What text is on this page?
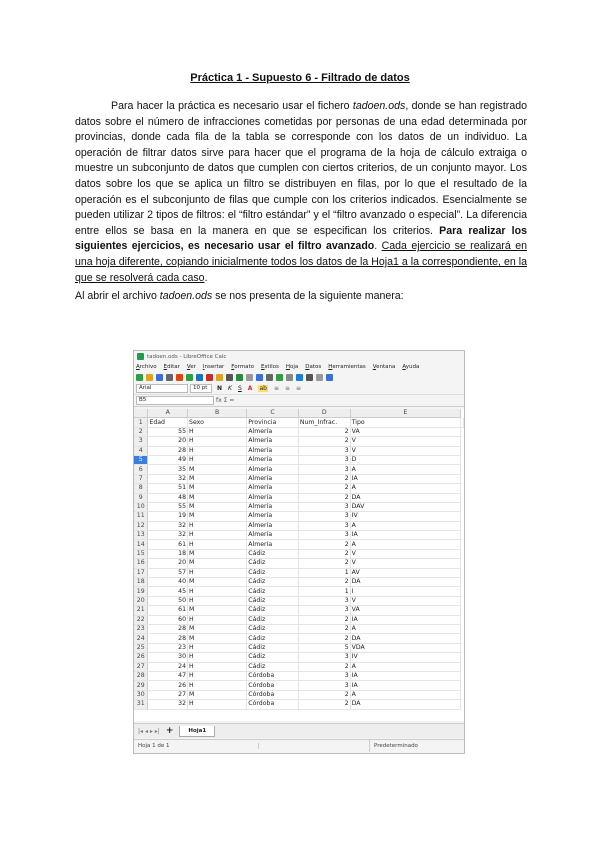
Práctica 1 - Supuesto 6 - Filtrado de datos
Para hacer la práctica es necesario usar el fichero tadoen.ods, donde se han registrado datos sobre el número de infracciones cometidas por personas de una edad determinada por provincias, donde cada fila de la tabla se corresponde con los datos de un individuo. La operación de filtrar datos sirve para hacer que el programa de la hoja de cálculo extraiga o muestre un subconjunto de datos que cumplen con ciertos criterios, de un conjunto mayor. Los datos sobre los que se aplica un filtro se distribuyen en filas, por lo que el resultado de la operación es el subconjunto de filas que cumple con los criterios indicados. Esencialmente se pueden utilizar 2 tipos de filtros: el “filtro estándar” y el “filtro avanzado o especial”. La diferencia entre ellos se basa en la manera en que se especifican los criterios. Para realizar los siguientes ejercicios, es necesario usar el filtro avanzado. Cada ejercicio se realizará en una hoja diferente, copiando inicialmente todos los datos de la Hoja1 a la correspondiente, en la que se resolverá cada caso.
Al abrir el archivo tadoen.ods se nos presenta de la siguiente manera:
tadoen.ods - LibreOffice Calc
Archivo Editar Ver Insertar Formato Estilos Hoja Datos Herramientas Ventana Ayuda
Arial	10 pt	N K S A ab ≡ ≡ ≡
B5	fx Σ =
	A	B	C	D	E	
1	Edad	Sexo	Provincia	Num_Infrac.	Tipo	
2	55	H	Almería	2	VA	
3	20	H	Almería	2	V	
4	28	H	Almería	3	V	
5	49	H	Almería	3	D	
6	35	M	Almería	3	A	
7	32	M	Almería	2	IA	
8	51	M	Almería	2	A	
9	48	M	Almería	2	DA	
10	55	M	Almería	3	DAV	
11	19	M	Almería	3	IV	
12	32	H	Almería	3	A	
13	32	H	Almería	3	IA	
14	61	H	Almería	2	A	
15	18	M	Cádiz	2	V	
16	20	M	Cádiz	2	V	
17	57	H	Cádiz	1	AV	
18	40	M	Cádiz	2	DA	
19	45	H	Cádiz	1	I	
20	50	H	Cádiz	3	V	
21	61	M	Cádiz	3	VA	
22	60	H	Cádiz	2	IA	
23	28	M	Cádiz	2	A	
24	28	M	Cádiz	2	DA	
25	23	H	Cádiz	5	VDA	
26	30	H	Cádiz	3	IV	
27	24	H	Cádiz	2	A	
28	47	H	Córdoba	3	IA	
29	26	H	Córdoba	3	IA	
30	27	M	Córdoba	2	A	
31	32	H	Córdoba	2	DA	
|◂ ◂ ▸ ▸| +	Hoja1
Hoja 1 de 1	Predeterminado
